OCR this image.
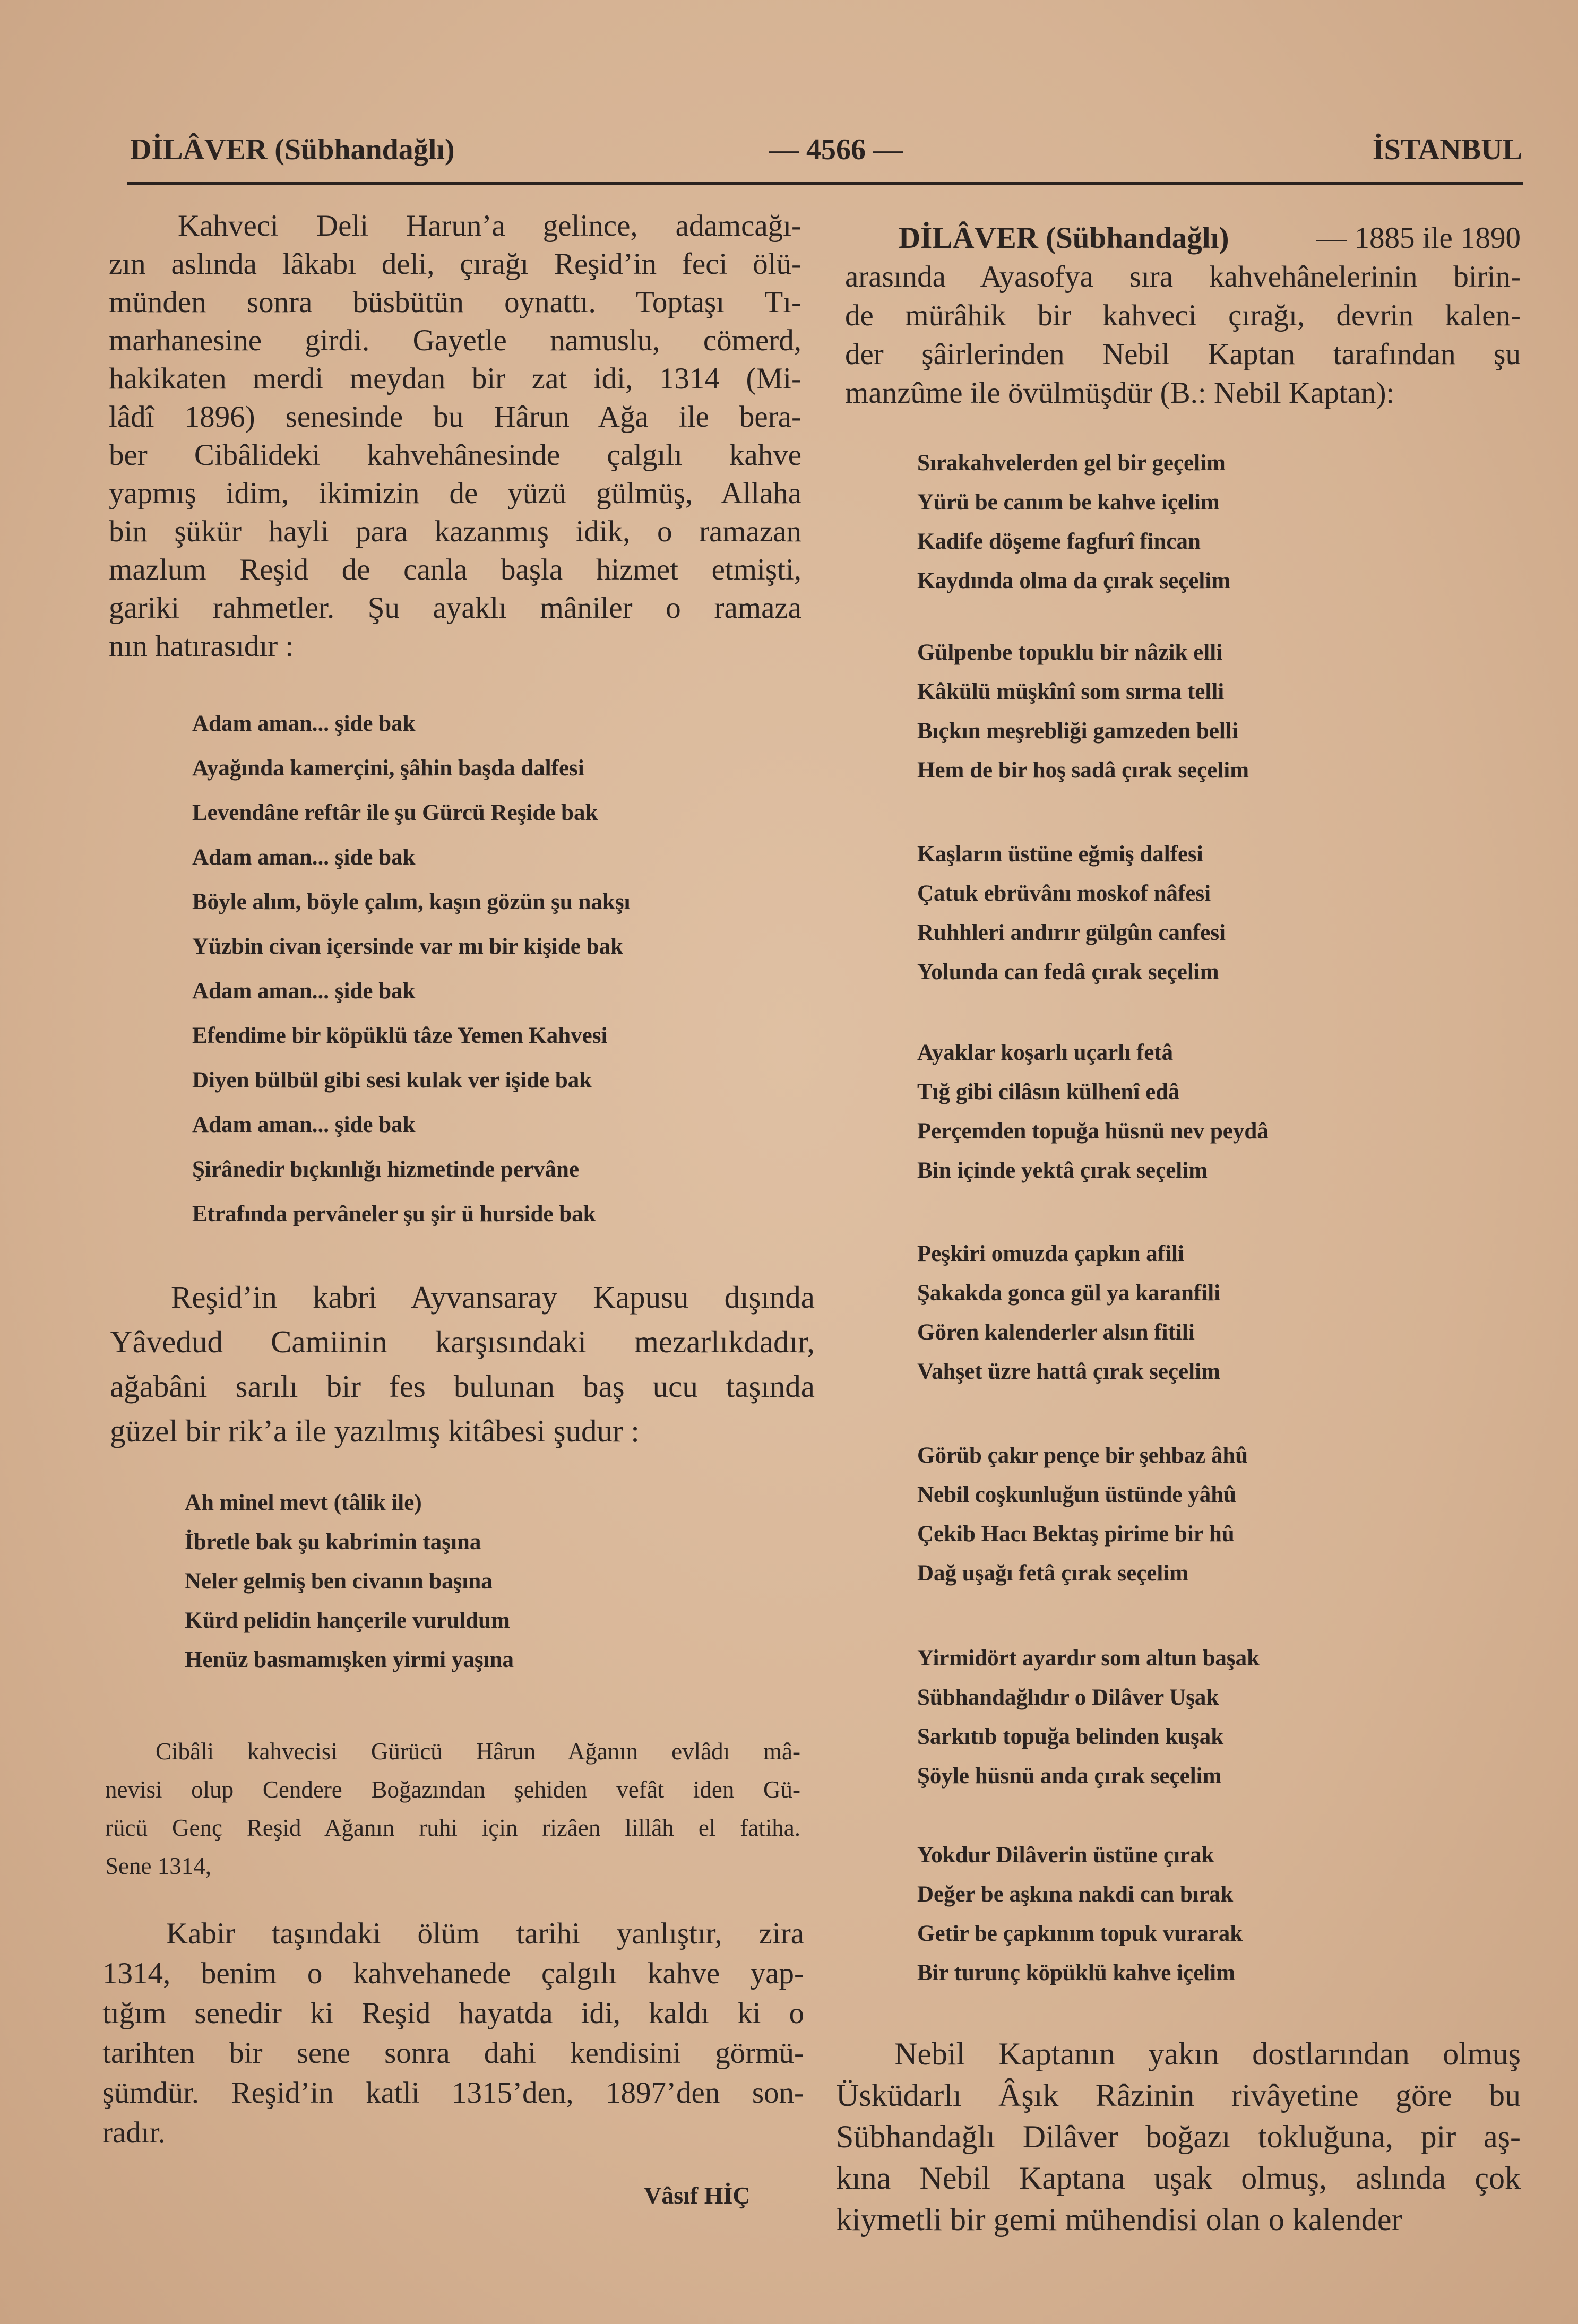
DİLÂVER (Sübhandağlı)	— 4566 —	İSTANBUL
Kahveci Deli Harun’a gelince, adamcağı-
zın aslında lâkabı deli, çırağı Reşid’in feci ölü-
münden sonra büsbütün oynattı. Toptaşı Tı-
marhanesine girdi. Gayetle namuslu, cömerd,
hakikaten merdi meydan bir zat idi, 1314 (Mi-
lâdî 1896) senesinde bu Hârun Ağa ile bera-
ber Cibâlideki kahvehânesinde çalgılı kahve
yapmış idim, ikimizin de yüzü gülmüş, Allaha
bin şükür hayli para kazanmış idik, o ramazan
mazlum Reşid de canla başla hizmet etmişti,
gariki rahmetler. Şu ayaklı mâniler o ramaza
nın hatırasıdır :
Adam aman... şide bak
Ayağında kamerçini, şâhin başda dalfesi
Levendâne reftâr ile şu Gürcü Reşide bak
Adam aman... şide bak
Böyle alım, böyle çalım, kaşın gözün şu nakşı
Yüzbin civan içersinde var mı bir kişide bak
Adam aman... şide bak
Efendime bir köpüklü tâze Yemen Kahvesi
Diyen bülbül gibi sesi kulak ver işide bak
Adam aman... şide bak
Şirânedir bıçkınlığı hizmetinde pervâne
Etrafında pervâneler şu şir ü hurside bak
Reşid’in kabri Ayvansaray Kapusu dışında
Yâvedud Camiinin karşısındaki mezarlıkdadır,
ağabâni sarılı bir fes bulunan baş ucu taşında
güzel bir rik’a ile yazılmış kitâbesi şudur :
Ah minel mevt (tâlik ile)
İbretle bak şu kabrimin taşına
Neler gelmiş ben civanın başına
Kürd pelidin hançerile vuruldum
Henüz basmamışken yirmi yaşına
Cibâli kahvecisi Gürücü Hârun Ağanın evlâdı mâ-
nevisi olup Cendere Boğazından şehiden vefât iden Gü-
rücü Genç Reşid Ağanın ruhi için rizâen lillâh el fatiha.
Sene 1314,
Kabir taşındaki ölüm tarihi yanlıştır, zira
1314, benim o kahvehanede çalgılı kahve yap-
tığım senedir ki Reşid hayatda idi, kaldı ki o
tarihten bir sene sonra dahi kendisini görmü-
şümdür. Reşid’in katli 1315’den, 1897’den son-
radır.
Vâsıf HİÇ
DİLÂVER (Sübhandağlı)	— 1885 ile 1890
arasında Ayasofya sıra kahvehânelerinin birin-
de mürâhik bir kahveci çırağı, devrin kalen-
der şâirlerinden Nebil Kaptan tarafından şu
manzûme ile övülmüşdür (B.: Nebil Kaptan):
Sırakahvelerden gel bir geçelim
Yürü be canım be kahve içelim
Kadife döşeme fagfurî fincan
Kaydında olma da çırak seçelim
Gülpenbe topuklu bir nâzik elli
Kâkülü müşkînî som sırma telli
Bıçkın meşrebliği gamzeden belli
Hem de bir hoş sadâ çırak seçelim
Kaşların üstüne eğmiş dalfesi
Çatuk ebrüvânı moskof nâfesi
Ruhhleri andırır gülgûn canfesi
Yolunda can fedâ çırak seçelim
Ayaklar koşarlı uçarlı fetâ
Tığ gibi cilâsın külhenî edâ
Perçemden topuğa hüsnü nev peydâ
Bin içinde yektâ çırak seçelim
Peşkiri omuzda çapkın afili
Şakakda gonca gül ya karanfili
Gören kalenderler alsın fitili
Vahşet üzre hattâ çırak seçelim
Görüb çakır pençe bir şehbaz âhû
Nebil coşkunluğun üstünde yâhû
Çekib Hacı Bektaş pirime bir hû
Dağ uşağı fetâ çırak seçelim
Yirmidört ayardır som altun başak
Sübhandağlıdır o Dilâver Uşak
Sarkıtıb topuğa belinden kuşak
Şöyle hüsnü anda çırak seçelim
Yokdur Dilâverin üstüne çırak
Değer be aşkına nakdi can bırak
Getir be çapkınım topuk vurarak
Bir turunç köpüklü kahve içelim
Nebil Kaptanın yakın dostlarından olmuş
Üsküdarlı Âşık Râzinin rivâyetine göre bu
Sübhandağlı Dilâver boğazı tokluğuna, pir aş-
kına Nebil Kaptana uşak olmuş, aslında çok
kiymetli bir gemi mühendisi olan o kalender
